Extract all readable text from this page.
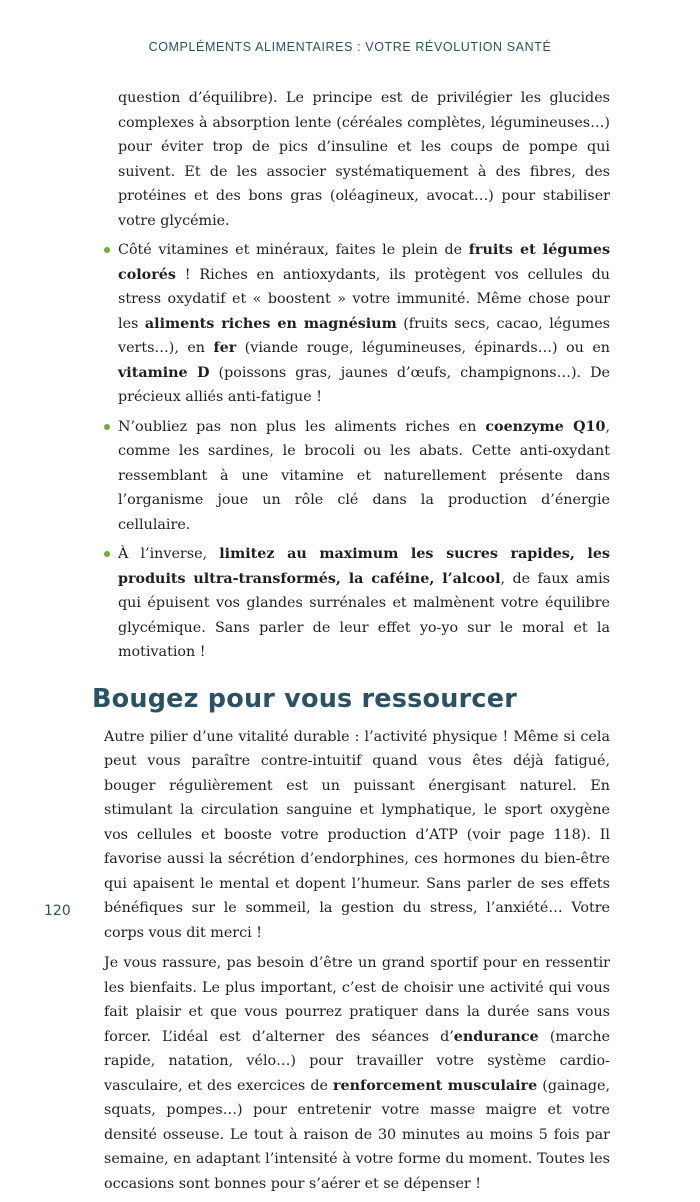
COMPLÉMENTS ALIMENTAIRES : VOTRE RÉVOLUTION SANTÉ

question d’équilibre). Le principe est de privilégier les glucides complexes à absorption lente (céréales complètes, légumineuses…) pour éviter trop de pics d’insuline et les coups de pompe qui suivent. Et de les associer systématiquement à des fibres, des protéines et des bons gras (oléagineux, avocat…) pour stabiliser votre glycémie.

Côté vitamines et minéraux, faites le plein de fruits et légumes colorés ! Riches en antioxydants, ils protègent vos cellules du stress oxydatif et « boostent » votre immunité. Même chose pour les aliments riches en magnésium (fruits secs, cacao, légumes verts…), en fer (viande rouge, légumineuses, épinards…) ou en vitamine D (poissons gras, jaunes d’œufs, champignons…). De précieux alliés anti-fatigue !
N’oubliez pas non plus les aliments riches en coenzyme Q10, comme les sardines, le brocoli ou les abats. Cette anti-oxydant ressemblant à une vitamine et naturellement présente dans l’organisme joue un rôle clé dans la production d’énergie cellulaire.
À l’inverse, limitez au maximum les sucres rapides, les produits ultra-transformés, la caféine, l’alcool, de faux amis qui épuisent vos glandes surrénales et malmènent votre équilibre glycémique. Sans parler de leur effet yo-yo sur le moral et la motivation !
Bougez pour vous ressourcer

Autre pilier d’une vitalité durable : l’activité physique ! Même si cela peut vous paraître contre-intuitif quand vous êtes déjà fatigué, bouger régulièrement est un puissant énergisant naturel. En stimulant la circulation sanguine et lymphatique, le sport oxygène vos cellules et booste votre production d’ATP (voir page 118). Il favorise aussi la sécrétion d’endorphines, ces hormones du bien-être qui apaisent le mental et dopent l’humeur. Sans parler de ses effets bénéfiques sur le sommeil, la gestion du stress, l’anxiété… Votre corps vous dit merci !

Je vous rassure, pas besoin d’être un grand sportif pour en ressentir les bienfaits. Le plus important, c’est de choisir une activité qui vous fait plaisir et que vous pourrez pratiquer dans la durée sans vous forcer. L’idéal est d’alterner des séances d’endurance (marche rapide, natation, vélo…) pour travailler votre système cardio-vasculaire, et des exercices de renforcement musculaire (gainage, squats, pompes…) pour entretenir votre masse maigre et votre densité osseuse. Le tout à raison de 30 minutes au moins 5 fois par semaine, en adaptant l’intensité à votre forme du moment. Toutes les occasions sont bonnes pour s’aérer et se dépenser !

120
